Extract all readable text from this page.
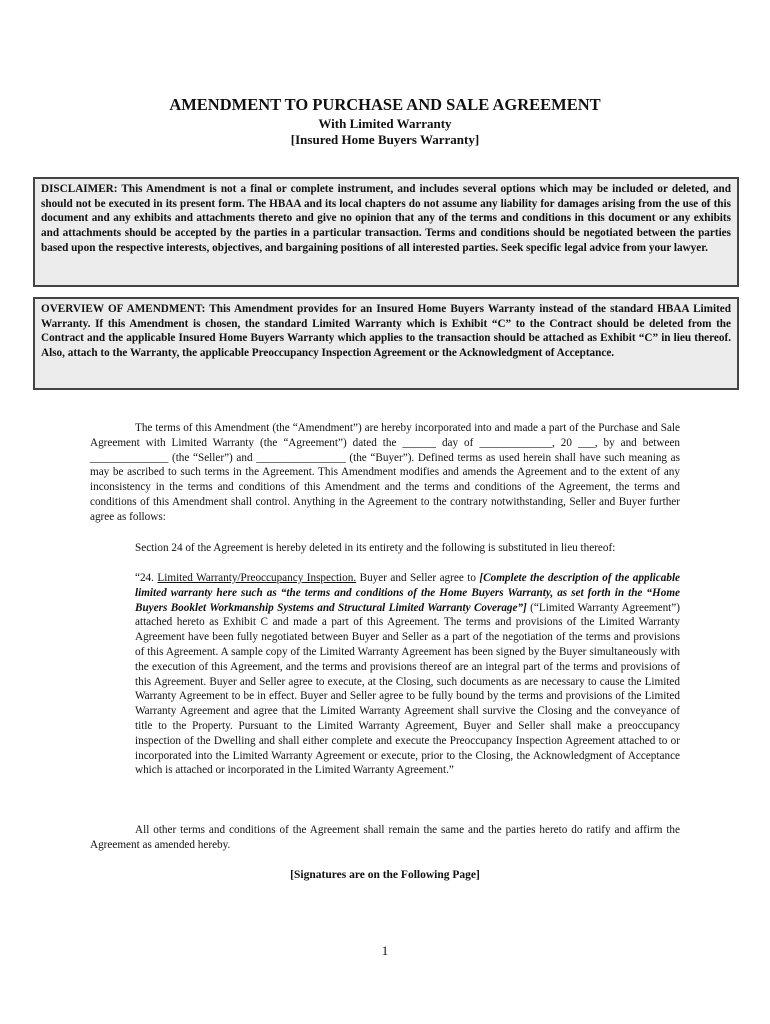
AMENDMENT TO PURCHASE AND SALE AGREEMENT
With Limited Warranty
[Insured Home Buyers Warranty]

DISCLAIMER: This Amendment is not a final or complete instrument, and includes several options which may be included or deleted, and should not be executed in its present form. The HBAA and its local chapters do not assume any liability for damages arising from the use of this document and any exhibits and attachments thereto and give no opinion that any of the terms and conditions in this document or any exhibits and attachments should be accepted by the parties in a particular transaction. Terms and conditions should be negotiated between the parties based upon the respective interests, objectives, and bargaining positions of all interested parties. Seek specific legal advice from your lawyer.

OVERVIEW OF AMENDMENT: This Amendment provides for an Insured Home Buyers Warranty instead of the standard HBAA Limited Warranty. If this Amendment is chosen, the standard Limited Warranty which is Exhibit “C” to the Contract should be deleted from the Contract and the applicable Insured Home Buyers Warranty which applies to the transaction should be attached as Exhibit “C” in lieu thereof. Also, attach to the Warranty, the applicable Preoccupancy Inspection Agreement or the Acknowledgment of Acceptance.

The terms of this Amendment (the “Amendment”) are hereby incorporated into and made a part of the Purchase and Sale Agreement with Limited Warranty (the “Agreement”) dated the ______ day of _____________, 20 ___, by and between ______________ (the “Seller”) and ________________ (the “Buyer”). Defined terms as used herein shall have such meaning as may be ascribed to such terms in the Agreement. This Amendment modifies and amends the Agreement and to the extent of any inconsistency in the terms and conditions of this Amendment and the terms and conditions of the Agreement, the terms and conditions of this Amendment shall control. Anything in the Agreement to the contrary notwithstanding, Seller and Buyer further agree as follows:

Section 24 of the Agreement is hereby deleted in its entirety and the following is substituted in lieu thereof:

“24. Limited Warranty/Preoccupancy Inspection. Buyer and Seller agree to [Complete the description of the applicable limited warranty here such as “the terms and conditions of the Home Buyers Warranty, as set forth in the “Home Buyers Booklet Workmanship Systems and Structural Limited Warranty Coverage”] (“Limited Warranty Agreement”) attached hereto as Exhibit C and made a part of this Agreement. The terms and provisions of the Limited Warranty Agreement have been fully negotiated between Buyer and Seller as a part of the negotiation of the terms and provisions of this Agreement. A sample copy of the Limited Warranty Agreement has been signed by the Buyer simultaneously with the execution of this Agreement, and the terms and provisions thereof are an integral part of the terms and provisions of this Agreement. Buyer and Seller agree to execute, at the Closing, such documents as are necessary to cause the Limited Warranty Agreement to be in effect. Buyer and Seller agree to be fully bound by the terms and provisions of the Limited Warranty Agreement and agree that the Limited Warranty Agreement shall survive the Closing and the conveyance of title to the Property. Pursuant to the Limited Warranty Agreement, Buyer and Seller shall make a preoccupancy inspection of the Dwelling and shall either complete and execute the Preoccupancy Inspection Agreement attached to or incorporated into the Limited Warranty Agreement or execute, prior to the Closing, the Acknowledgment of Acceptance which is attached or incorporated in the Limited Warranty Agreement.”

All other terms and conditions of the Agreement shall remain the same and the parties hereto do ratify and affirm the Agreement as amended hereby.

[Signatures are on the Following Page]
1
